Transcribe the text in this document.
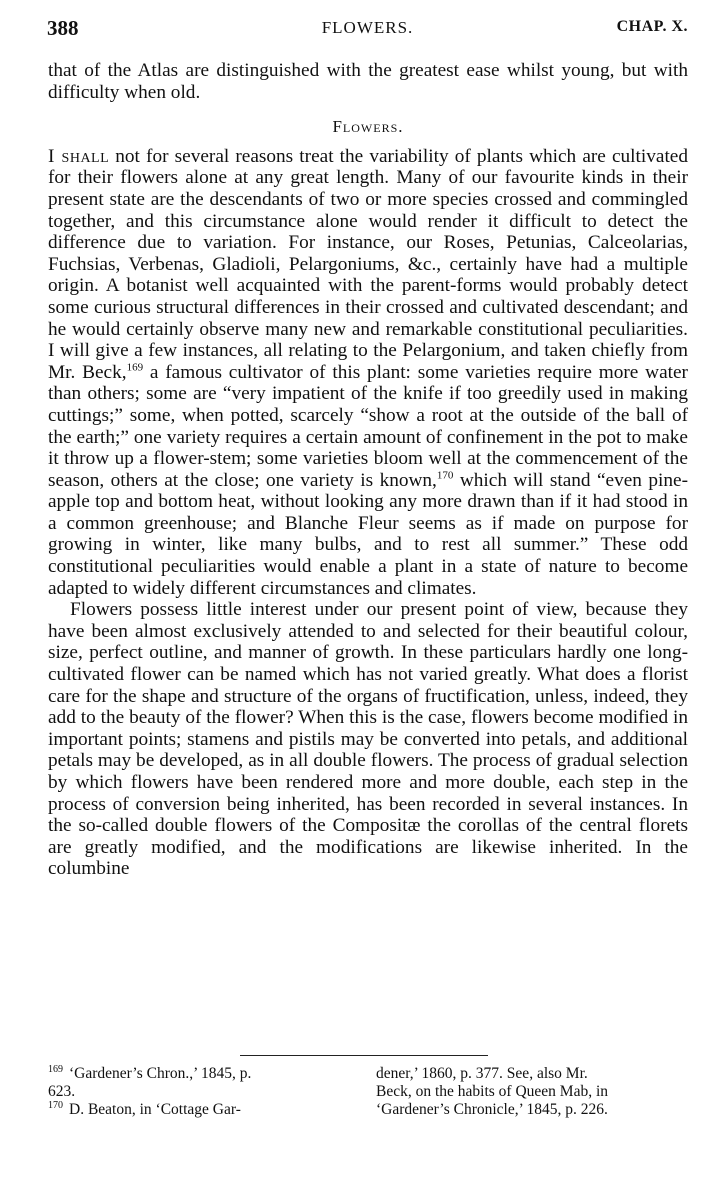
388	FLOWERS.	CHAP. X.

that of the Atlas are distinguished with the greatest ease whilst young, but with difficulty when old.

Flowers.

I shall not for several reasons treat the variability of plants which are cultivated for their flowers alone at any great length. Many of our favourite kinds in their present state are the descendants of two or more species crossed and commingled together, and this circumstance alone would render it difficult to detect the difference due to variation. For instance, our Roses, Petunias, Calceolarias, Fuchsias, Verbenas, Gladioli, Pelargoniums, &c., certainly have had a multiple origin. A botanist well acquainted with the parent-forms would probably detect some curious structural differences in their crossed and cultivated descendant; and he would certainly observe many new and remarkable constitutional peculiarities. I will give a few instances, all relating to the Pelargonium, and taken chiefly from Mr. Beck,$^{169}$ a famous cultivator of this plant: some varieties require more water than others; some are “very impatient of the knife if too greedily used in making cuttings;” some, when potted, scarcely “show a root at the outside of the ball of the earth;” one variety requires a certain amount of confinement in the pot to make it throw up a flower-stem; some varieties bloom well at the commencement of the season, others at the close; one variety is known,$^{170}$ which will stand “even pine-apple top and bottom heat, without looking any more drawn than if it had stood in a common greenhouse; and Blanche Fleur seems as if made on purpose for growing in winter, like many bulbs, and to rest all summer.” These odd constitutional peculiarities would enable a plant in a state of nature to become adapted to widely different circumstances and climates.

Flowers possess little interest under our present point of view, because they have been almost exclusively attended to and selected for their beautiful colour, size, perfect outline, and manner of growth. In these particulars hardly one long-cultivated flower can be named which has not varied greatly. What does a florist care for the shape and structure of the organs of fructification, unless, indeed, they add to the beauty of the flower? When this is the case, flowers become modified in important points; stamens and pistils may be converted into petals, and additional petals may be developed, as in all double flowers. The process of gradual selection by which flowers have been rendered more and more double, each step in the process of conversion being inherited, has been recorded in several instances. In the so-called double flowers of the Compositæ the corollas of the central florets are greatly modified, and the modifications are likewise inherited. In the columbine

$^{169}$ ‘Gardener’s Chron.,’ 1845, p.
623.
$^{170}$ D. Beaton, in ‘Cottage Gar-
dener,’ 1860, p. 377. See, also Mr.
Beck, on the habits of Queen Mab, in
‘Gardener’s Chronicle,’ 1845, p. 226.
